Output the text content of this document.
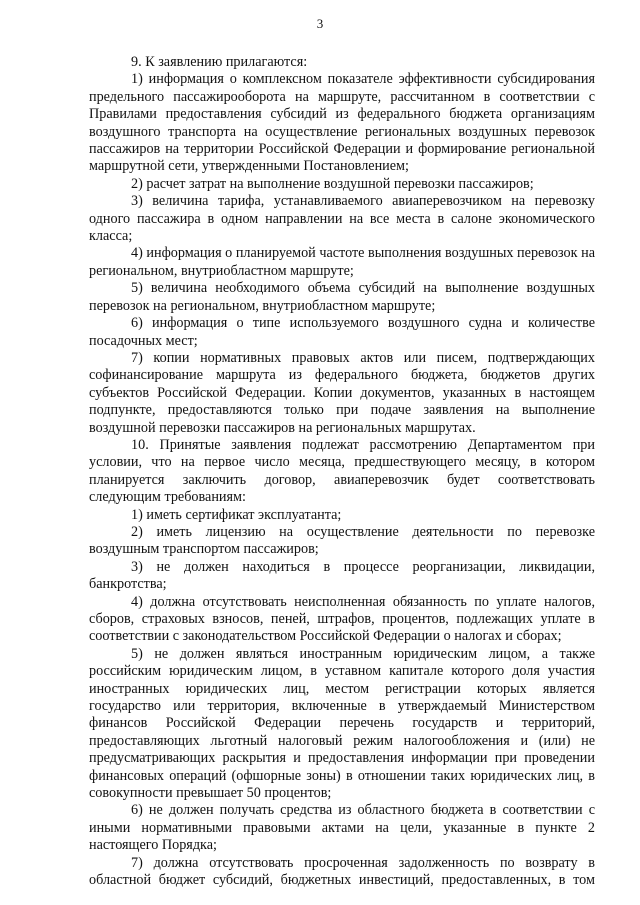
3

9. К заявлению прилагаются:

1) информация о комплексном показателе эффективности субсидирования предельного пассажирооборота на маршруте, рассчитанном в соответствии с Правилами предоставления субсидий из федерального бюджета организациям воздушного транспорта на осуществление региональных воздушных перевозок пассажиров на территории Российской Федерации и формирование региональной маршрутной сети, утвержденными Постановлением;

2) расчет затрат на выполнение воздушной перевозки пассажиров;

3) величина тарифа, устанавливаемого авиаперевозчиком на перевозку одного пассажира в одном направлении на все места в салоне экономического класса;

4) информация о планируемой частоте выполнения воздушных перевозок на региональном, внутриобластном маршруте;

5) величина необходимого объема субсидий на выполнение воздушных перевозок на региональном, внутриобластном маршруте;

6) информация о типе используемого воздушного судна и количестве посадочных мест;

7) копии нормативных правовых актов или писем, подтверждающих софинансирование маршрута из федерального бюджета, бюджетов других субъектов Российской Федерации. Копии документов, указанных в настоящем подпункте, предоставляются только при подаче заявления на выполнение воздушной перевозки пассажиров на региональных маршрутах.

10. Принятые заявления подлежат рассмотрению Департаментом при условии, что на первое число месяца, предшествующего месяцу, в котором планируется заключить договор, авиаперевозчик будет соответствовать следующим требованиям:

1) иметь сертификат эксплуатанта;

2) иметь лицензию на осуществление деятельности по перевозке воздушным транспортом пассажиров;

3) не должен находиться в процессе реорганизации, ликвидации, банкротства;

4) должна отсутствовать неисполненная обязанность по уплате налогов, сборов, страховых взносов, пеней, штрафов, процентов, подлежащих уплате в соответствии с законодательством Российской Федерации о налогах и сборах;

5) не должен являться иностранным юридическим лицом, а также российским юридическим лицом, в уставном капитале которого доля участия иностранных юридических лиц, местом регистрации которых является государство или территория, включенные в утверждаемый Министерством финансов Российской Федерации перечень государств и территорий, предоставляющих льготный налоговый режим налогообложения и (или) не предусматривающих раскрытия и предоставления информации при проведении финансовых операций (офшорные зоны) в отношении таких юридических лиц, в совокупности превышает 50 процентов;

6) не должен получать средства из областного бюджета в соответствии с иными нормативными правовыми актами на цели, указанные в пункте 2 настоящего Порядка;

7) должна отсутствовать просроченная задолженность по возврату в областной бюджет субсидий, бюджетных инвестиций, предоставленных, в том
